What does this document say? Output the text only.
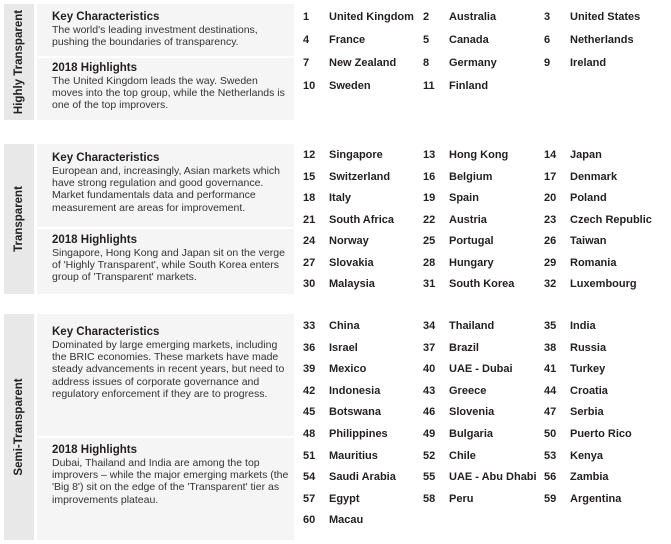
Highly Transparent Key Characteristics

The world's leading investment destinations, pushing the boundaries of transparency.

2018 Highlights

The United Kingdom leads the way. Sweden moves into the top group, while the Netherlands is one of the top improvers.

1 United Kingdom 2 Australia	3 United States
4 France	5 Canada	6 Netherlands
7 New Zealand 8 Germany	9 Ireland
10 Sweden	11 Finland
Transparent
Key Characteristics

European and, increasingly, Asian markets which have strong regulation and good governance. Market fundamentals data and performance measurement are areas for improvement.

2018 Highlights

Singapore, Hong Kong and Japan sit on the verge of 'Highly Transparent', while South Korea enters group of 'Transparent' markets.

12 Singapore	13 Hong Kong	14 Japan
15 Switzerland	16 Belgium	17 Denmark
18 Italy	19 Spain	20 Poland
21 South Africa	22 Austria	23 Czech Republic
24 Norway	25 Portugal	26 Taiwan
27 Slovakia	28 Hungary	29 Romania
30 Malaysia	31 South Korea	32 Luxembourg
Semi-Transparent
Key Characteristics

Dominated by large emerging markets, including the BRIC economies. These markets have made steady advancements in recent years, but need to address issues of corporate governance and regulatory enforcement if they are to progress.

2018 Highlights

Dubai, Thailand and India are among the top improvers – while the major emerging markets (the 'Big 8') sit on the edge of the 'Transparent' tier as improvements plateau.

33 China	34 Thailand	35 India
36 Israel	37 Brazil	38 Russia
39 Mexico	40 UAE - Dubai	41 Turkey
42 Indonesia	43 Greece	44 Croatia
45 Botswana	46 Slovenia	47 Serbia
48 Philippines	49 Bulgaria	50 Puerto Rico
51 Mauritius	52 Chile	53 Kenya
54 Saudi Arabia 55 UAE - Abu Dhabi 56 Zambia
57 Egypt	58 Peru	59 Argentina
60 Macau
